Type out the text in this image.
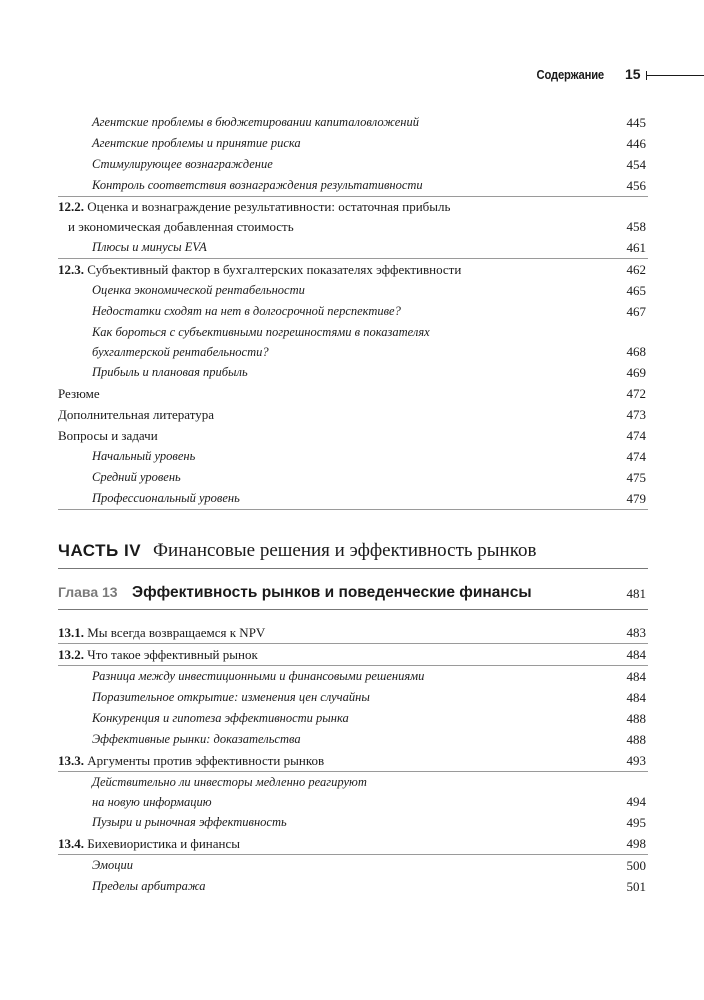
Содержание 15
Агентские проблемы в бюджетировании капиталовложений	445
Агентские проблемы и принятие риска	446
Стимулирующее вознаграждение	454
Контроль соответствия вознаграждения результативности	456
12.2. Оценка и вознаграждение результативности: остаточная прибыль
и экономическая добавленная стоимость	458
Плюсы и минусы EVA	461
12.3. Субъективный фактор в бухгалтерских показателях эффективности	462
Оценка экономической рентабельности	465
Недостатки сходят на нет в долгосрочной перспективе?	467
Как бороться с субъективными погрешностями в показателях
бухгалтерской рентабельности?	468
Прибыль и плановая прибыль	469
Резюме	472
Дополнительная литература	473
Вопросы и задачи	474
Начальный уровень	474
Средний уровень	475
Профессиональный уровень	479
ЧАСТЬ IV Финансовые решения и эффективность рынков
Глава 13 Эффективность рынков и поведенческие финансы	481
13.1. Мы всегда возвращаемся к NPV	483
13.2. Что такое эффективный рынок	484
Разница между инвестиционными и финансовыми решениями	484
Поразительное открытие: изменения цен случайны	484
Конкуренция и гипотеза эффективности рынка	488
Эффективные рынки: доказательства	488
13.3. Аргументы против эффективности рынков	493
Действительно ли инвесторы медленно реагируют
на новую информацию	494
Пузыри и рыночная эффективность	495
13.4. Бихевиористика и финансы	498
Эмоции	500
Пределы арбитража	501
